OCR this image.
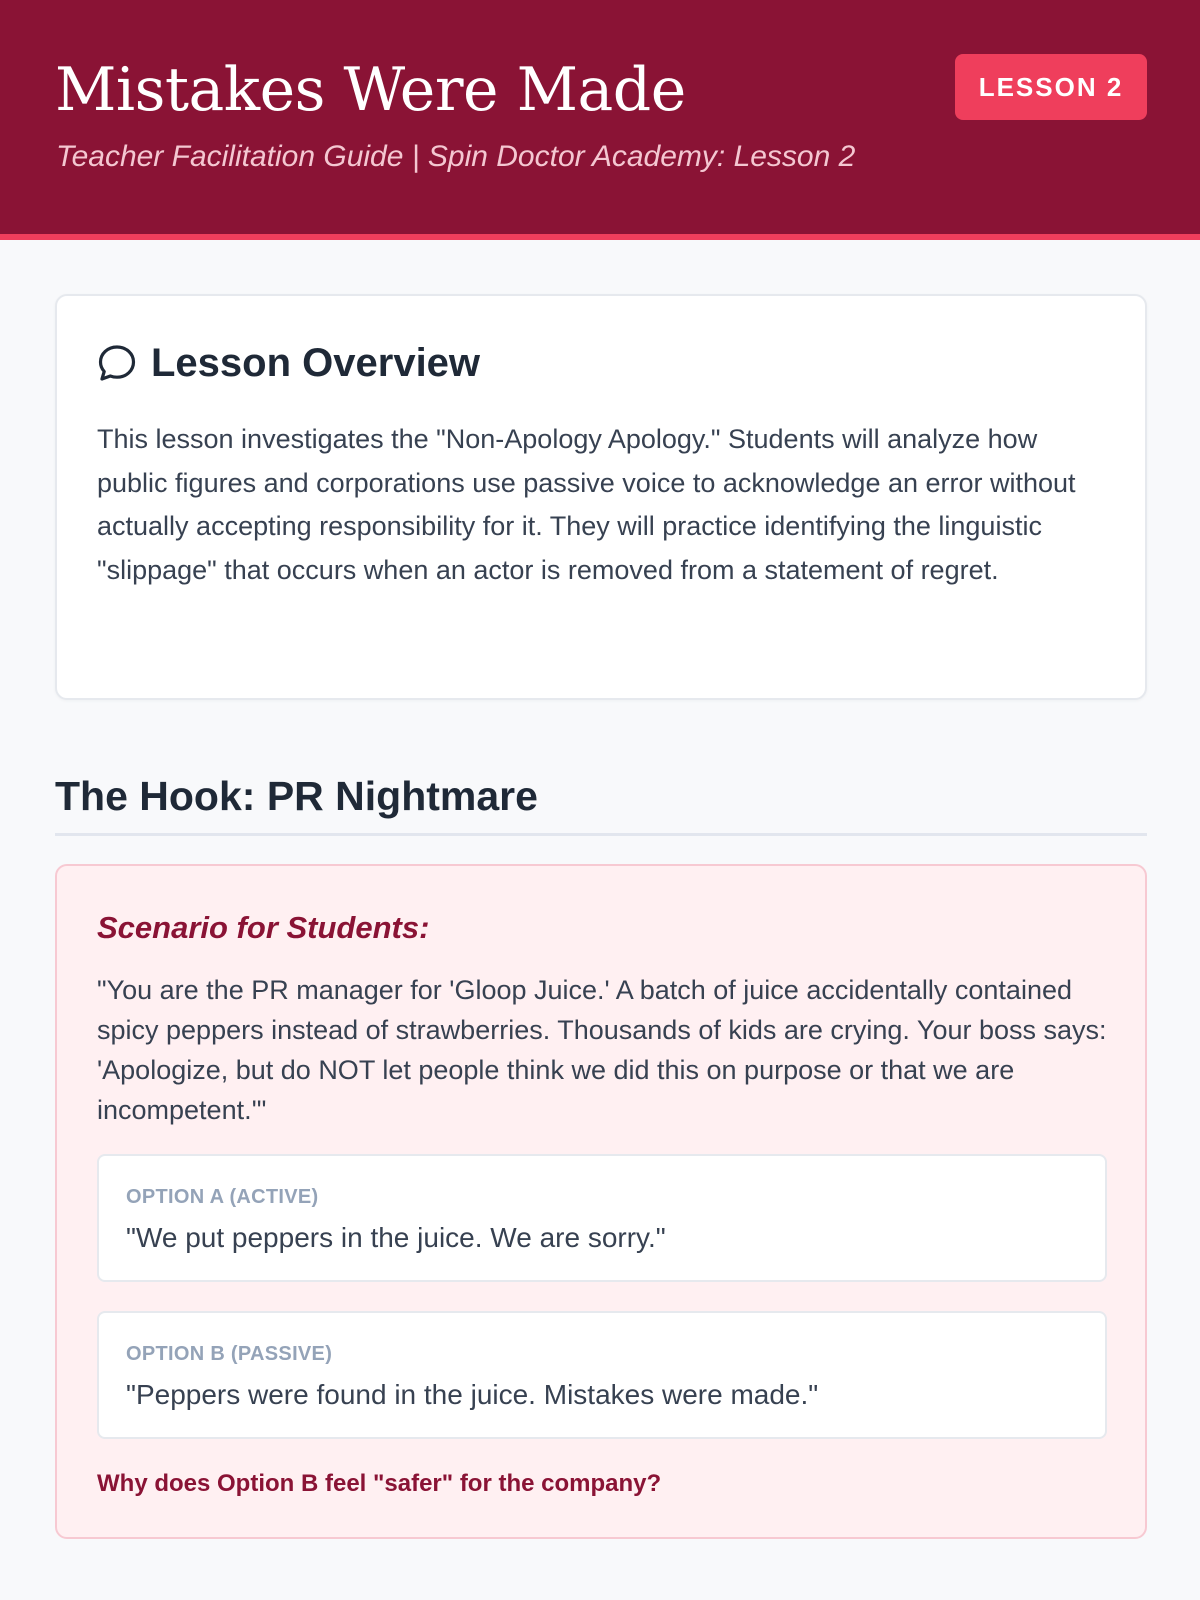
Mistakes Were Made
Teacher Facilitation Guide | Spin Doctor Academy: Lesson 2
LESSON 2
Lesson Overview

This lesson investigates the "Non-Apology Apology." Students will analyze how public figures and corporations use passive voice to acknowledge an error without actually accepting responsibility for it. They will practice identifying the linguistic "slippage" that occurs when an actor is removed from a statement of regret.

The Hook: PR Nightmare
Scenario for Students:

"You are the PR manager for 'Gloop Juice.' A batch of juice accidentally contained spicy peppers instead of strawberries. Thousands of kids are crying. Your boss says: 'Apologize, but do NOT let people think we did this on purpose or that we are incompetent.'"

OPTION A (ACTIVE)
"We put peppers in the juice. We are sorry."
OPTION B (PASSIVE)
"Peppers were found in the juice. Mistakes were made."
Why does Option B feel "safer" for the company?
